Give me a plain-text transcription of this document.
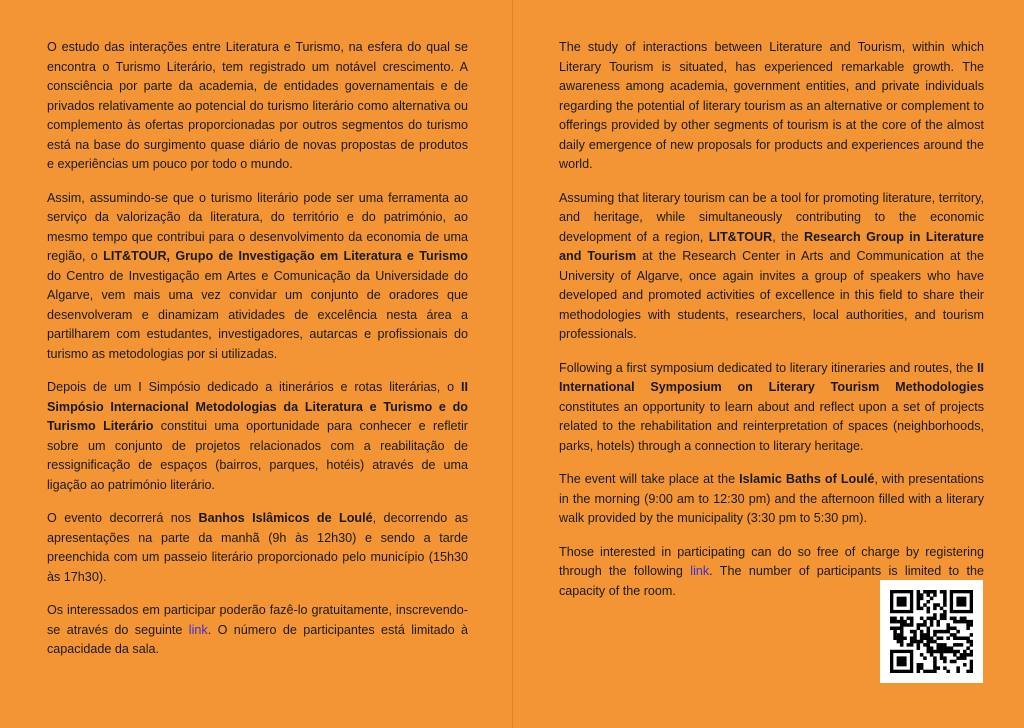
O estudo das interações entre Literatura e Turismo, na esfera do qual se encontra o Turismo Literário, tem registrado um notável crescimento. A consciência por parte da academia, de entidades governamentais e de privados relativamente ao potencial do turismo literário como alternativa ou complemento às ofertas proporcionadas por outros segmentos do turismo está na base do surgimento quase diário de novas propostas de produtos e experiências um pouco por todo o mundo.

Assim, assumindo-se que o turismo literário pode ser uma ferramenta ao serviço da valorização da literatura, do território e do património, ao mesmo tempo que contribui para o desenvolvimento da economia de uma região, o LIT&TOUR, Grupo de Investigação em Literatura e Turismo do Centro de Investigação em Artes e Comunicação da Universidade do Algarve, vem mais uma vez convidar um conjunto de oradores que desenvolveram e dinamizam atividades de excelência nesta área a partilharem com estudantes, investigadores, autarcas e profissionais do turismo as metodologias por si utilizadas.

Depois de um I Simpósio dedicado a itinerários e rotas literárias, o II Simpósio Internacional Metodologias da Literatura e Turismo e do Turismo Literário constitui uma oportunidade para conhecer e refletir sobre um conjunto de projetos relacionados com a reabilitação de ressignificação de espaços (bairros, parques, hotéis) através de uma ligação ao património literário.

O evento decorrerá nos Banhos Islâmicos de Loulé, decorrendo as apresentações na parte da manhã (9h às 12h30) e sendo a tarde preenchida com um passeio literário proporcionado pelo município (15h30 às 17h30).

Os interessados em participar poderão fazê-lo gratuitamente, inscrevendo-se através do seguinte link. O número de participantes está limitado à capacidade da sala.

The study of interactions between Literature and Tourism, within which Literary Tourism is situated, has experienced remarkable growth. The awareness among academia, government entities, and private individuals regarding the potential of literary tourism as an alternative or complement to offerings provided by other segments of tourism is at the core of the almost daily emergence of new proposals for products and experiences around the world.

Assuming that literary tourism can be a tool for promoting literature, territory, and heritage, while simultaneously contributing to the economic development of a region, LIT&TOUR, the Research Group in Literature and Tourism at the Research Center in Arts and Communication at the University of Algarve, once again invites a group of speakers who have developed and promoted activities of excellence in this field to share their methodologies with students, researchers, local authorities, and tourism professionals.

Following a first symposium dedicated to literary itineraries and routes, the II International Symposium on Literary Tourism Methodologies constitutes an opportunity to learn about and reflect upon a set of projects related to the rehabilitation and reinterpretation of spaces (neighborhoods, parks, hotels) through a connection to literary heritage.

The event will take place at the Islamic Baths of Loulé, with presentations in the morning (9:00 am to 12:30 pm) and the afternoon filled with a literary walk provided by the municipality (3:30 pm to 5:30 pm).

Those interested in participating can do so free of charge by registering through the following link. The number of participants is limited to the capacity of the room.
